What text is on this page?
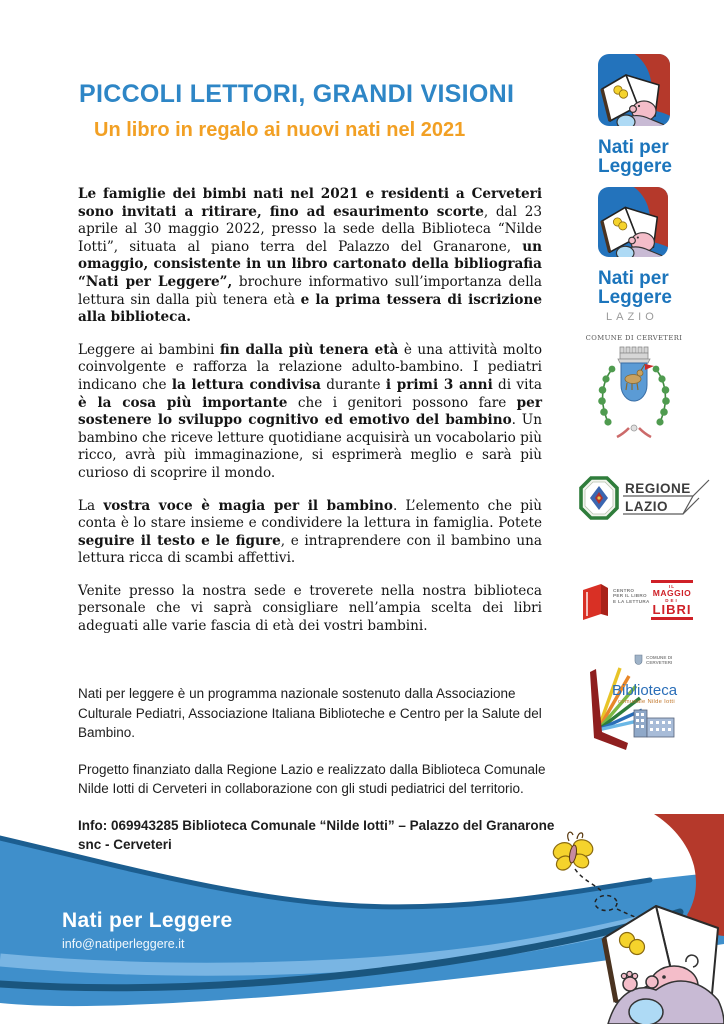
PICCOLI LETTORI, GRANDI VISIONI
Un libro in regalo ai nuovi nati nel 2021

Le famiglie dei bimbi nati nel 2021 e residenti a Cerveteri sono invitati a ritirare, fino ad esaurimento scorte, dal 23 aprile al 30 maggio 2022, presso la sede della Biblioteca “Nilde Iotti”, situata al piano terra del Palazzo del Granarone, un omaggio, consistente in un libro cartonato della bibliografia “Nati per Leggere”, brochure informativo sull’importanza della lettura sin dalla più tenera età e la prima tessera di iscrizione alla biblioteca.

Leggere ai bambini fin dalla più tenera età è una attività molto coinvolgente e rafforza la relazione adulto-bambino. I pediatri indicano che la lettura condivisa durante i primi 3 anni di vita è la cosa più importante che i genitori possono fare per sostenere lo sviluppo cognitivo ed emotivo del bambino. Un bambino che riceve letture quotidiane acquisirà un vocabolario più ricco, avrà più immaginazione, si esprimerà meglio e sarà più curioso di scoprire il mondo.

La vostra voce è magia per il bambino. L’elemento che più conta è lo stare insieme e condividere la lettura in famiglia. Potete seguire il testo e le figure, e intraprendere con il bambino una lettura ricca di scambi affettivi.

Venite presso la nostra sede e troverete nella nostra biblioteca personale che vi saprà consigliare nell’ampia scelta dei libri adeguati alle varie fascia di età dei vostri bambini.

Nati per leggere è un programma nazionale sostenuto dalla Associazione Culturale Pediatri, Associazione Italiana Biblioteche e Centro per la Salute del Bambino.

Progetto finanziato dalla Regione Lazio e realizzato dalla Biblioteca Comunale Nilde Iotti di Cerveteri in collaborazione con gli studi pediatrici del territorio.

Info: 069943285 Biblioteca Comunale “Nilde Iotti” – Palazzo del Granarone snc - Cerveteri

Nati per
Leggere
Nati per
Leggere
LAZIO
COMUNE DI CERVETERI
REGIONE
LAZIO
CENTRO
PER IL LIBRO
E LA LETTURA
IL
MAGGIO
DEI
LIBRI
COMUNE DI CERVETERI
Biblioteca
comunale Nilde Iotti
Nati per Leggere
info@natiperleggere.it
